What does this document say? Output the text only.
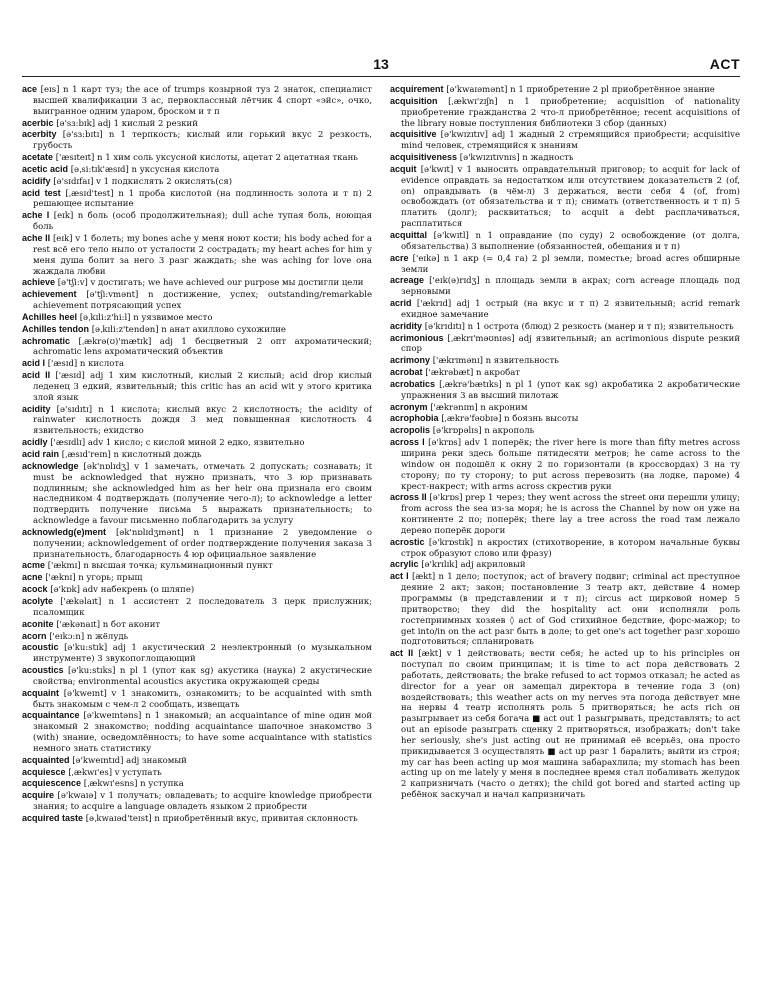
13	ACT

ace [eɪs] n 1 карт туз; the ace of trumps козырной туз 2 знаток, специалист высшей квалификации 3 ас, первоклассный лётчик 4 спорт «эйс», очко, выигранное одним ударом, броском и т п

acerbic [ə'sɜ:bɪk] adj 1 кислый 2 резкий

acerbity [ə'sɜ:bɪtɪ] n 1 терпкость; кислый или горький вкус 2 резкость, грубость

acetate ['æsɪteɪt] n 1 хим соль уксусной кислоты, ацетат 2 ацетатная ткань

acetic acid [əˌsi:tɪk'æsɪd] n уксусная кислота

acidify [ə'sɪdɪfaɪ] v 1 подкислять 2 окислять(ся)

acid test [ˌæsɪd'test] n 1 проба кислотой (на подлинность золота и т п) 2 решающее испытание

ache I [eɪk] n боль (особ продолжительная); dull ache тупая боль, ноющая боль

ache II [eɪk] v 1 болеть; my bones ache у меня ноют кости; his body ached for a rest всё его тело ныло от усталости 2 сострадать; my heart aches for him у меня душа болит за него 3 разг жаждать; she was aching for love она жаждала любви

achieve [ə'tʃi:v] v достигать; we have achieved our purpose мы достигли цели

achievement [ə'tʃi:vmənt] n достижение, успех; outstanding/remarkable achievement потрясающий успех

Achilles heel [əˌkɪli:z'hi:l] n уязвимое место

Achilles tendon [əˌkɪli:z'tendən] n анат ахиллово сухожилие

achromatic [ˌækrə(ʊ)'mætɪk] adj 1 бесцветный 2 опт ахроматический; achromatic lens ахроматический объектив

acid I ['æsɪd] n кислота

acid II ['æsɪd] adj 1 хим кислотный, кислый 2 кислый; acid drop кислый леденец 3 едкий, язвительный; this critic has an acid wit у этого критика злой язык

acidity [ə'sɪdɪtɪ] n 1 кислота; кислый вкус 2 кислотность; the acidity of rainwater кислотность дождя 3 мед повышенная кислотность 4 язвительность; ехидство

acidly ['æsɪdlɪ] adv 1 кисло; с кислой миной 2 едко, язвительно

acid rain [ˌæsɪd'reɪn] n кислотный дождь

acknowledge [ək'nɒlɪdʒ] v 1 замечать, отмечать 2 допускать; сознавать; it must be acknowledged that нужно признать, что 3 юр признавать подлинным; she acknowledged him as her heir она признала его своим наследником 4 подтверждать (получение чего-л); to acknowledge a letter подтвердить получение письма 5 выражать признательность; to acknowledge a favour письменно поблагодарить за услугу

acknowledg(e)ment [ək'nɒlɪdʒmənt] n 1 признание 2 уведомление о получении; acknowledgement of order подтверждение получения заказа 3 признательность, благодарность 4 юр официальное заявление

acme ['ækmɪ] n высшая точка; кульминационный пункт

acne ['æknɪ] n угорь; прыщ

acock [ə'kɒk] adv набекрень (о шляпе)

acolyte ['ækəlaɪt] n 1 ассистент 2 последователь 3 церк прислужник; псаломщик

aconite ['ækənaɪt] n бот аконит

acorn ['eɪkɔ:n] n жёлудь

acoustic [ə'ku:stɪk] adj 1 акустический 2 неэлектронный (о музыкальном инструменте) 3 звукопоглощающий

acoustics [ə'ku:stɪks] n pl 1 (упот как sg) акустика (наука) 2 акустические свойства; environmental acoustics акустика окружающей среды

acquaint [ə'kweɪnt] v 1 знакомить, ознакомить; to be acquainted with smth быть знакомым с чем-л 2 сообщать, извещать

acquaintance [ə'kweɪntəns] n 1 знакомый; an acquaintance of mine один мой знакомый 2 знакомство; nodding acquaintance шапочное знакомство 3 (with) знание, осведомлённость; to have some acquaintance with statistics немного знать статистику

acquainted [ə'kweɪntɪd] adj знакомый

acquiesce [ˌækwɪ'es] v уступать

acquiescence [ˌækwɪ'esns] n уступка

acquire [ə'kwaɪə] v 1 получать; овладевать; to acquire knowledge приобрести знания; to acquire a language овладеть языком 2 приобрести

acquired taste [əˌkwaɪəd'teɪst] n приобретённый вкус, привитая склонность

acquirement [ə'kwaɪəmənt] n 1 приобретение 2 pl приобретённое знание

acquisition [ˌækwɪ'zɪʃn] n 1 приобретение; acquisition of nationality приобретение гражданства 2 что-л приобретённое; recent acquisitions of the library новые поступления библиотеки 3 сбор (данных)

acquisitive [ə'kwɪzɪtɪv] adj 1 жадный 2 стремящийся приобрести; acquisitive mind человек, стремящийся к знаниям

acquisitiveness [ə'kwɪzɪtɪvnɪs] n жадность

acquit [ə'kwɪt] v 1 выносить оправдательный приговор; to acquit for lack of evidence оправдать за недостатком или отсутствием доказательств 2 (of, on) оправдывать (в чём-л) 3 держаться, вести себя 4 (of, from) освобождать (от обязательства и т п); снимать (ответственность и т п) 5 платить (долг); расквитаться; to acquit a debt расплачиваться, расплатиться

acquittal [ə'kwɪtl] n 1 оправдание (по суду) 2 освобождение (от долга, обязательства) 3 выполнение (обязанностей, обещания и т п)

acre ['eɪkə] n 1 акр (= 0,4 га) 2 pl земли, поместье; broad acres обширные земли

acreage ['eɪk(ə)rɪdʒ] n площадь земли в акрах; corn acreage площадь под зерновыми

acrid ['ækrɪd] adj 1 острый (на вкус и т п) 2 язвительный; acrid remark ехидное замечание

acridity [ə'krɪdɪtɪ] n 1 острота (блюд) 2 резкость (манер и т п); язвительность

acrimonious [ˌækrɪ'məʊnɪəs] adj язвительный; an acrimonious dispute резкий спор

acrimony ['ækrɪmənɪ] n язвительность

acrobat ['ækrəbæt] n акробат

acrobatics [ˌækrə'bætɪks] n pl 1 (упот как sg) акробатика 2 акробатические упражнения 3 ав высший пилотаж

acronym ['ækrənɪm] n акроним

acrophobia [ˌækrə'fəʊbɪə] n боязнь высоты

acropolis [ə'krɒpəlɪs] n акрополь

across I [ə'krɒs] adv 1 поперёк; the river here is more than fifty metres across ширина реки здесь больше пятидесяти метров; he came across to the window он подошёл к окну 2 по горизонтали (в кроссвордах) 3 на ту сторону; по ту сторону; to put across перевозить (на лодке, пароме) 4 крест-накрест; with arms across скрестив руки

across II [ə'krɒs] prep 1 через; they went across the street они перешли улицу; from across the sea из-за моря; he is across the Channel by now он уже на континенте 2 по; поперёк; there lay a tree across the road там лежало дерево поперёк дороги

acrostic [ə'krɒstɪk] n акростих (стихотворение, в котором начальные буквы строк образуют слово или фразу)

acrylic [ə'krɪlɪk] adj акриловый

act I [ækt] n 1 дело; поступок; act of bravery подвиг; criminal act преступное деяние 2 акт; закон; постановление 3 театр акт, действие 4 номер программы (в представлении и т п); circus act цирковой номер 5 притворство; they did the hospitality act они исполняли роль гостеприимных хозяев ◊ act of God стихийное бедствие, форс-мажор; to get into/in on the act разг быть в доле; to get one's act together разг хорошо подготовиться; спланировать

act II [ækt] v 1 действовать; вести себя; he acted up to his principles он поступал по своим принципам; it is time to act пора действовать 2 работать, действовать; the brake refused to act тормоз отказал; he acted as director for a year он замещал директора в течение года 3 (on) воздействовать; this weather acts on my nerves эта погода действует мне на нервы 4 театр исполнять роль 5 притворяться; he acts rich он разыгрывает из себя богача ■ act out 1 разыгрывать, представлять; to act out an episode разыграть сценку 2 притворяться, изображать; don't take her seriously, she's just acting out не принимай её всерьёз, она просто прикидывается 3 осуществлять ■ act up разг 1 баралить; выйти из строя; my car has been acting up моя машина забарахлила; my stomach has been acting up on me lately у меня в последнее время стал побаливать желудок 2 капризничать (часто о детях); the child got bored and started acting up ребёнок заскучал и начал капризничать
